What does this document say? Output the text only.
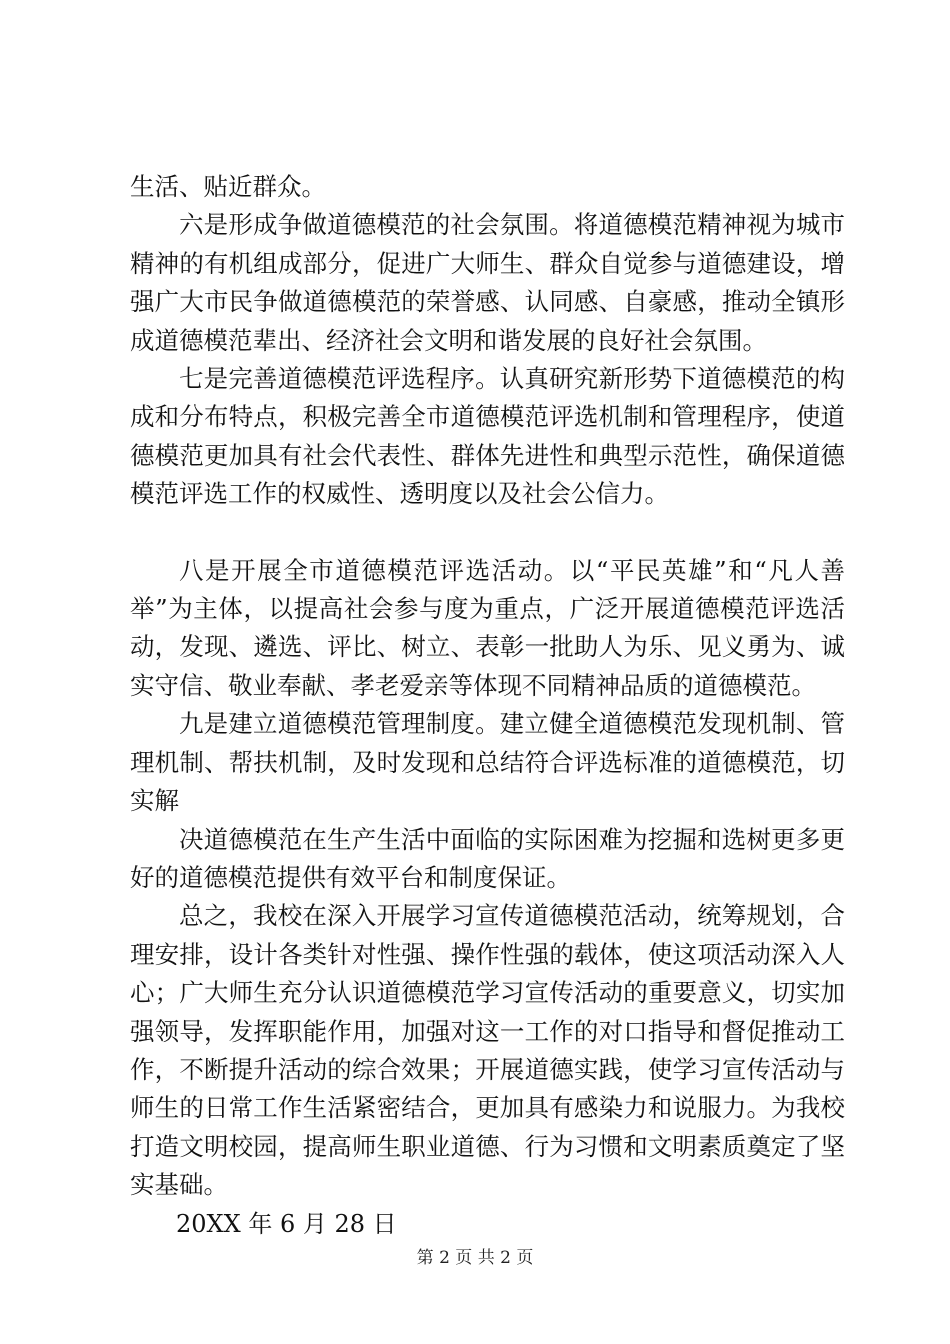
生活、贴近群众。

六是形成争做道德模范的社会氛围。将道德模范精神视为城市精神的有机组成部分，促进广大师生、群众自觉参与道德建设，增强广大市民争做道德模范的荣誉感、认同感、自豪感，推动全镇形成道德模范辈出、经济社会文明和谐发展的良好社会氛围。

七是完善道德模范评选程序。认真研究新形势下道德模范的构成和分布特点，积极完善全市道德模范评选机制和管理程序，使道德模范更加具有社会代表性、群体先进性和典型示范性，确保道德模范评选工作的权威性、透明度以及社会公信力。

八是开展全市道德模范评选活动。以“平民英雄”和“凡人善举”为主体，以提高社会参与度为重点，广泛开展道德模范评选活动，发现、遴选、评比、树立、表彰一批助人为乐、见义勇为、诚实守信、敬业奉献、孝老爱亲等体现不同精神品质的道德模范。

九是建立道德模范管理制度。建立健全道德模范发现机制、管理机制、帮扶机制，及时发现和总结符合评选标准的道德模范，切实解

决道德模范在生产生活中面临的实际困难为挖掘和选树更多更好的道德模范提供有效平台和制度保证。

总之，我校在深入开展学习宣传道德模范活动，统筹规划，合理安排，设计各类针对性强、操作性强的载体，使这项活动深入人心；广大师生充分认识道德模范学习宣传活动的重要意义，切实加强领导，发挥职能作用，加强对这一工作的对口指导和督促推动工作，不断提升活动的综合效果；开展道德实践，使学习宣传活动与师生的日常工作生活紧密结合，更加具有感染力和说服力。为我校打造文明校园，提高师生职业道德、行为习惯和文明素质奠定了坚实基础。

20XX 年 6 月 28 日

第 2 页 共 2 页
